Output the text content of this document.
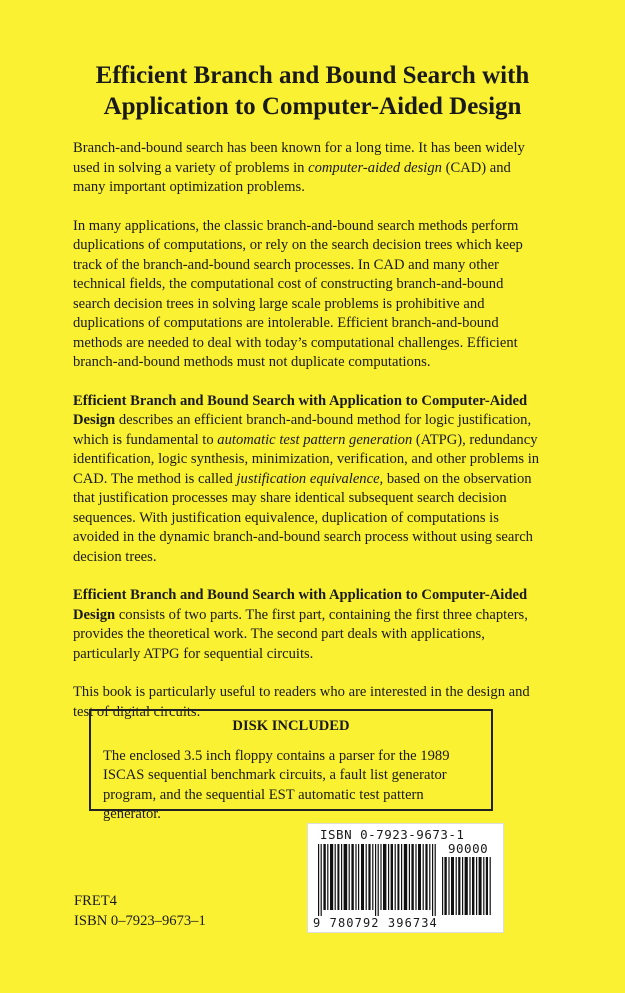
Efficient Branch and Bound Search with
Application to Computer-Aided Design

Branch-and-bound search has been known for a long time. It has been widely used in solving a variety of problems in computer-aided design (CAD) and many important optimization problems.

In many applications, the classic branch-and-bound search methods perform duplications of computations, or rely on the search decision trees which keep track of the branch-and-bound search processes. In CAD and many other technical fields, the computational cost of constructing branch-and-bound search decision trees in solving large scale problems is prohibitive and duplications of computations are intolerable. Efficient branch-and-bound methods are needed to deal with today’s computational challenges. Efficient branch-and-bound methods must not duplicate computations.

Efficient Branch and Bound Search with Application to Computer-Aided Design describes an efficient branch-and-bound method for logic justification, which is fundamental to automatic test pattern generation (ATPG), redundancy identification, logic synthesis, minimization, verification, and other problems in CAD. The method is called justification equivalence, based on the observation that justification processes may share identical subsequent search decision sequences. With justification equivalence, duplication of computations is avoided in the dynamic branch-and-bound search process without using search decision trees.

Efficient Branch and Bound Search with Application to Computer-Aided Design consists of two parts. The first part, containing the first three chapters, provides the theoretical work. The second part deals with applications, particularly ATPG for sequential circuits.

This book is particularly useful to readers who are interested in the design and test of digital circuits.

DISK INCLUDED
The enclosed 3.5 inch floppy contains a parser for the 1989 ISCAS sequential benchmark circuits, a fault list generator program, and the sequential EST automatic test pattern generator.
ISBN 0-7923-9673-1
90000
9 780792 396734
FRET4
ISBN 0–7923–9673–1
